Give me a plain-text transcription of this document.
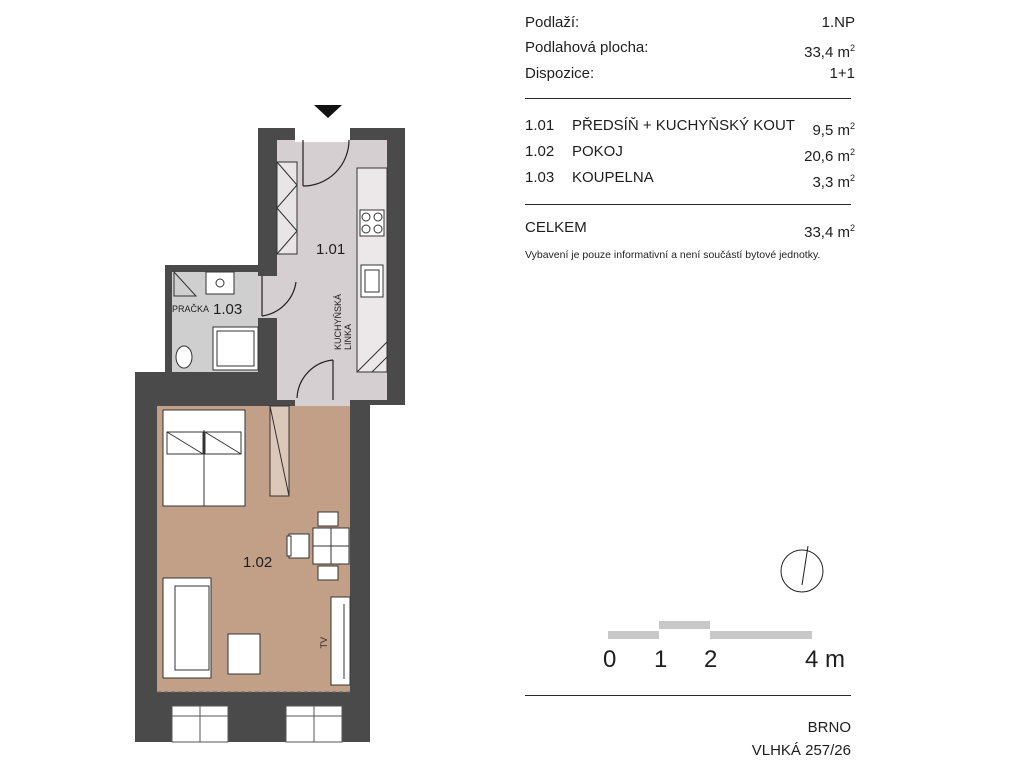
1.01
1.03
1.02
PRAČKA	KUCHYŇSKÁ LINKA
TV
Podlaží:	1.NP
Podlahová plocha:	33,4 $m^2$
Dispozice:	1+1
1.01 PŘEDSÍŇ + KUCHYŇSKÝ KOUT 9,5 $m^2$
1.02 POKOJ	20,6 $m^2$
1.03 KOUPELNA	3,3 $m^2$
CELKEM	33,4 $m^2$
Vybavení je pouze informativní a není součástí bytové jednotky.
0 1 2	4 m
BRNO
VLHKÁ 257/26
